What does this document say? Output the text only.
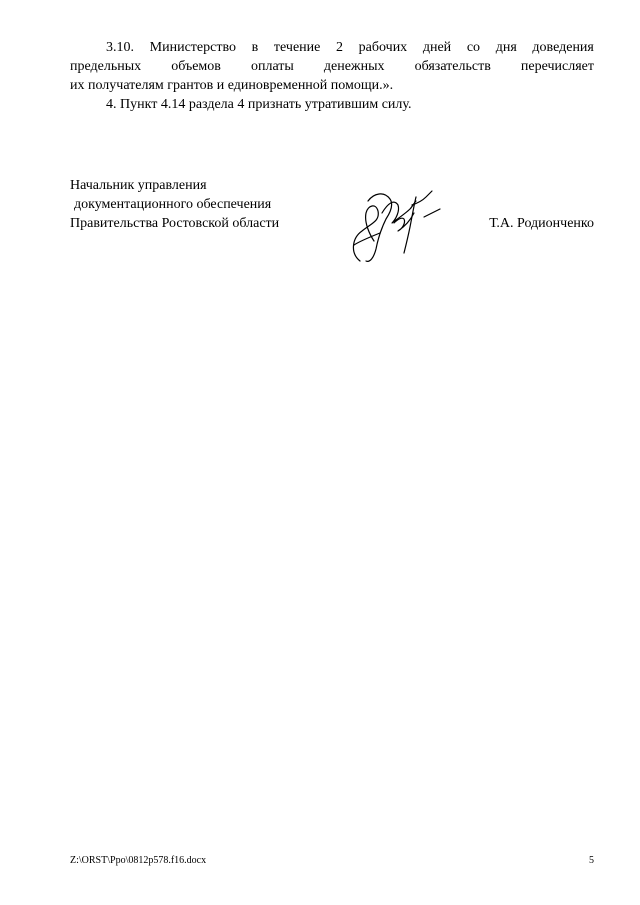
3.10. Министерство в течение 2 рабочих дней со дня доведения
предельных объемов оплаты денежных обязательств перечисляет
их получателям грантов и единовременной помощи.».
4. Пункт 4.14 раздела 4 признать утратившим силу.
Начальник управления
документационного обеспечения
Правительства Ростовской области	Т.А. Родионченко
Z:\ORST\Ppo\0812p578.f16.docx	5
